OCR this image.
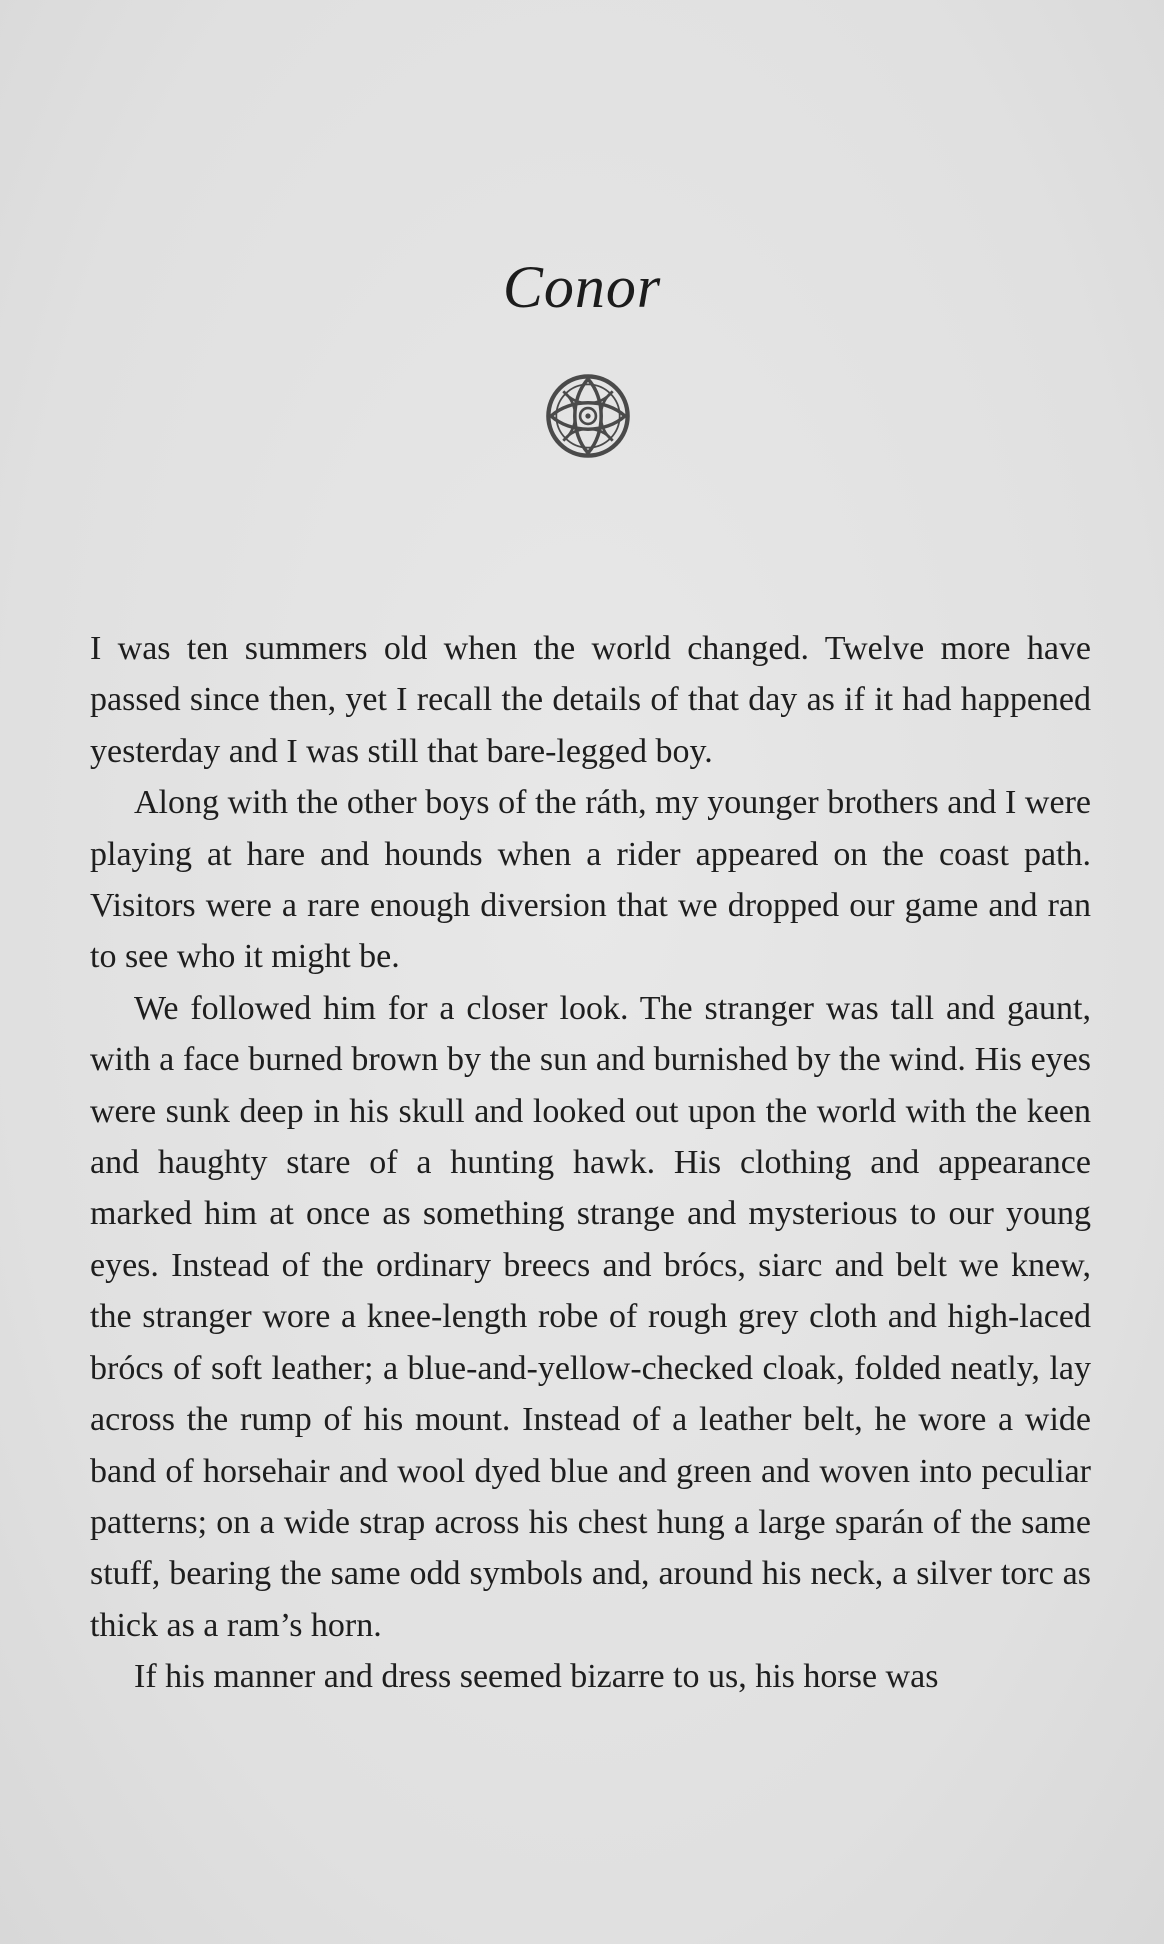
Conor

I was ten summers old when the world changed. Twelve more have passed since then, yet I recall the details of that day as if it had happened yesterday and I was still that bare-legged boy.

Along with the other boys of the ráth, my younger brothers and I were playing at hare and hounds when a rider appeared on the coast path. Visitors were a rare enough diversion that we dropped our game and ran to see who it might be.

We followed him for a closer look. The stranger was tall and gaunt, with a face burned brown by the sun and burnished by the wind. His eyes were sunk deep in his skull and looked out upon the world with the keen and haughty stare of a hunting hawk. His clothing and appearance marked him at once as something strange and mysterious to our young eyes. Instead of the ordinary breecs and brócs, siarc and belt we knew, the stranger wore a knee-length robe of rough grey cloth and high-laced brócs of soft leather; a blue-and-yellow-checked cloak, folded neatly, lay across the rump of his mount. Instead of a leather belt, he wore a wide band of horsehair and wool dyed blue and green and woven into peculiar patterns; on a wide strap across his chest hung a large sparán of the same stuff, bearing the same odd symbols and, around his neck, a silver torc as thick as a ram’s horn.

If his manner and dress seemed bizarre to us, his horse was
